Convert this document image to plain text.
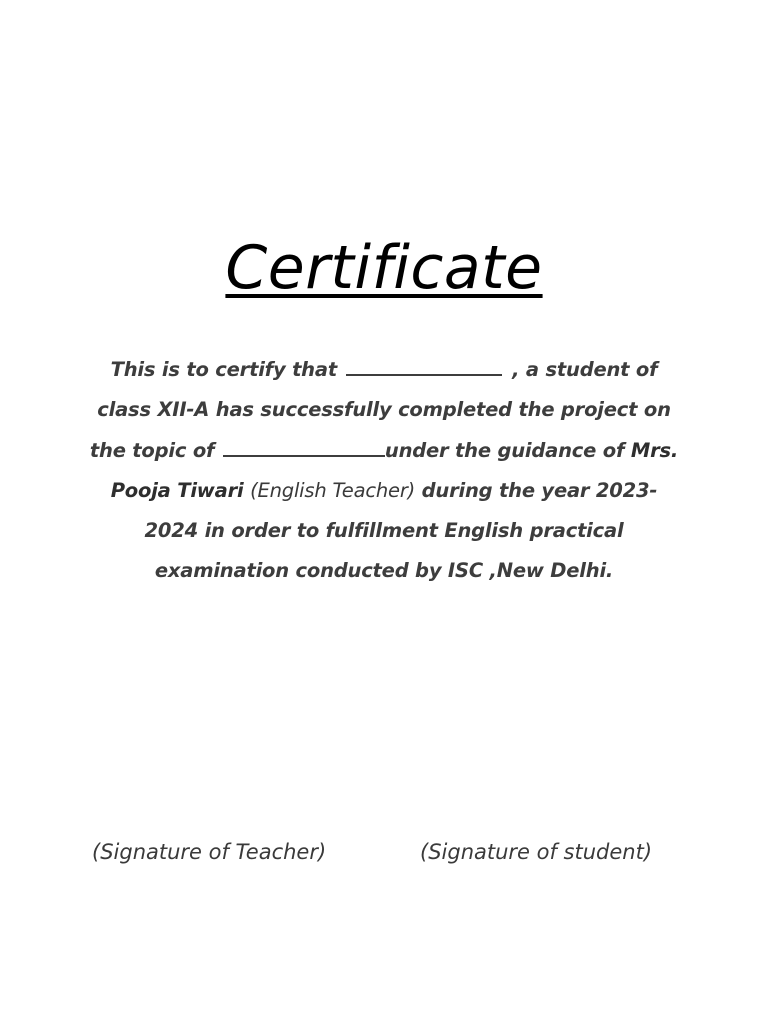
Certificate
This is to certify that	, a student of class XII-A has successfully completed the project on the topic of	under the guidance of Mrs. Pooja Tiwari (English Teacher) during the year 2023-2024 in order to fulfillment English practical examination conducted by ISC ,New Delhi.
(Signature of Teacher)	(Signature of student)
